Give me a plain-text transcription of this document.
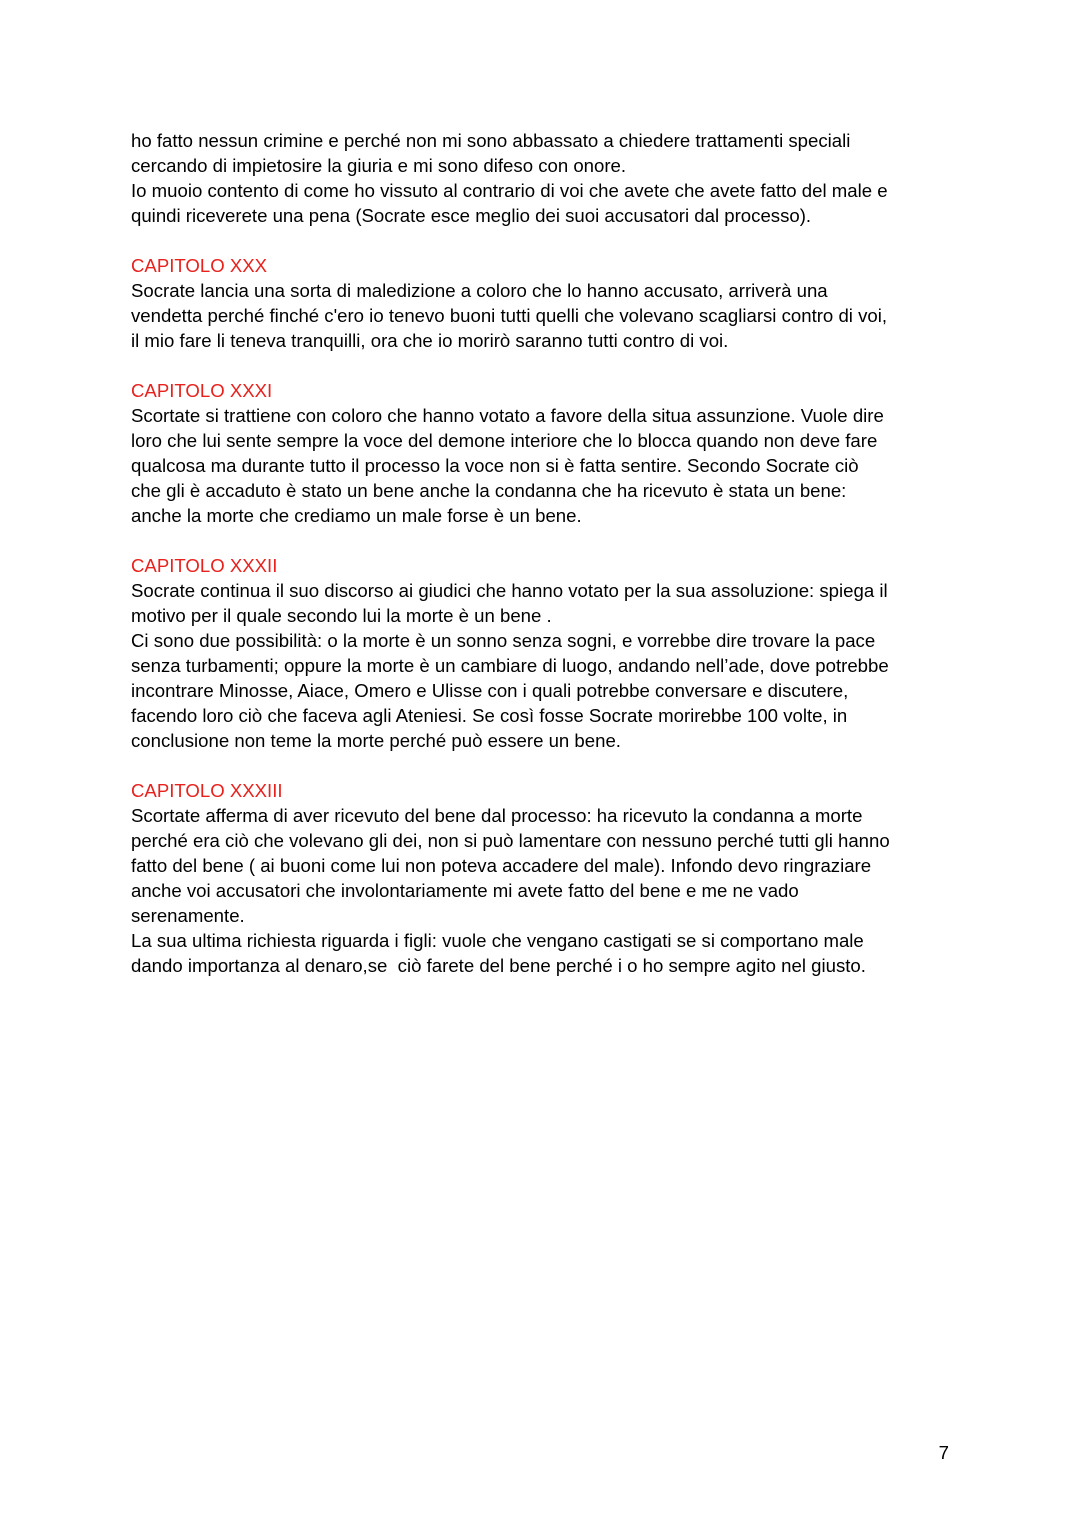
ho fatto nessun crimine e perché non mi sono abbassato a chiedere trattamenti speciali
cercando di impietosire la giuria e mi sono difeso con onore.
Io muoio contento di come ho vissuto al contrario di voi che avete che avete fatto del male e
quindi riceverete una pena (Socrate esce meglio dei suoi accusatori dal processo).
CAPITOLO XXX
Socrate lancia una sorta di maledizione a coloro che lo hanno accusato, arriverà una
vendetta perché finché c'ero io tenevo buoni tutti quelli che volevano scagliarsi contro di voi,
il mio fare li teneva tranquilli, ora che io morirò saranno tutti contro di voi.
CAPITOLO XXXI
Scortate si trattiene con coloro che hanno votato a favore della situa assunzione. Vuole dire
loro che lui sente sempre la voce del demone interiore che lo blocca quando non deve fare
qualcosa ma durante tutto il processo la voce non si è fatta sentire. Secondo Socrate ciò
che gli è accaduto è stato un bene anche la condanna che ha ricevuto è stata un bene:
anche la morte che crediamo un male forse è un bene.
CAPITOLO XXXII
Socrate continua il suo discorso ai giudici che hanno votato per la sua assoluzione: spiega il
motivo per il quale secondo lui la morte è un bene .
Ci sono due possibilità: o la morte è un sonno senza sogni, e vorrebbe dire trovare la pace
senza turbamenti; oppure la morte è un cambiare di luogo, andando nell’ade, dove potrebbe
incontrare Minosse, Aiace, Omero e Ulisse con i quali potrebbe conversare e discutere,
facendo loro ciò che faceva agli Ateniesi. Se così fosse Socrate morirebbe 100 volte, in
conclusione non teme la morte perché può essere un bene.
CAPITOLO XXXIII
Scortate afferma di aver ricevuto del bene dal processo: ha ricevuto la condanna a morte
perché era ciò che volevano gli dei, non si può lamentare con nessuno perché tutti gli hanno
fatto del bene ( ai buoni come lui non poteva accadere del male). Infondo devo ringraziare
anche voi accusatori che involontariamente mi avete fatto del bene e me ne vado
serenamente.
La sua ultima richiesta riguarda i figli: vuole che vengano castigati se si comportano male
dando importanza al denaro,se  ciò farete del bene perché i o ho sempre agito nel giusto.
7
